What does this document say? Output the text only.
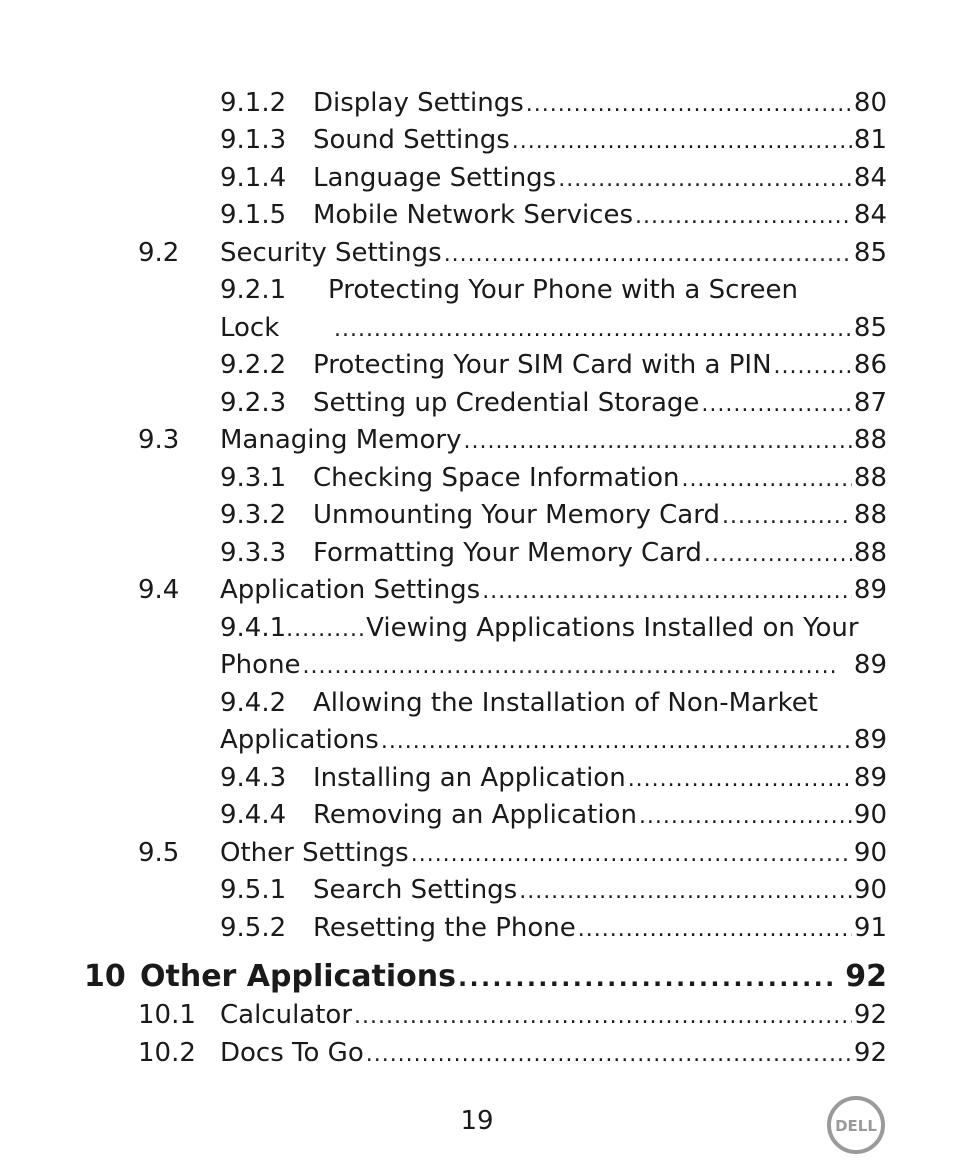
9.1.2	Display Settings . . .	80
9.1.3	Sound Settings . . .	81
9.1.4	Language Settings . . .	84
9.1.5	Mobile Network Services . . .	84
9.2	Security Settings . . .	85
9.2.1	Protecting Your Phone with a Screen
Lock . . .	85
9.2.2	Protecting Your SIM Card with a PIN . . .	86
9.2.3	Setting up Credential Storage . . .	87
9.3	Managing Memory . . .	88
9.3.1	Checking Space Information . . .	88
9.3.2	Unmounting Your Memory Card . . .	88
9.3.3	Formatting Your Memory Card . . .	88
9.4	Application Settings . . .	89
9.4.1 . . .	Viewing Applications Installed on Your
Phone . . .	89
9.4.2	Allowing the Installation of Non-Market
Applications . . .	89
9.4.3	Installing an Application . . .	89
9.4.4	Removing an Application . . .	90
9.5	Other Settings . . .	90
9.5.1	Search Settings . . .	90
9.5.2	Resetting the Phone . . .	91
10 Other Applications . . .	92
10.1 Calculator . . .	92
10.2 Docs To Go . . .	92
19	DELL
